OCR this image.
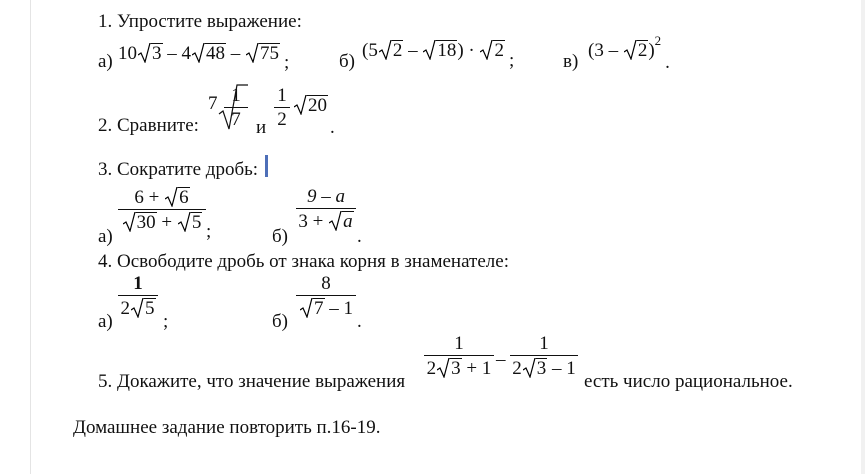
1. Упростите выражение:
а) 10 3 – 4 48 – 75 ;	б)
(5 2 – 18) · 2 ;	в)
(3 – 2)$^2$.
2. Сравните:
7 1
7 и
1
2
20
.
3. Сократите дробь:
а)
6 + 6
30 + 5 ;	б)
9 – a
3 + a
.
4. Освободите дробь от знака корня в знаменателе:
а)
1
2 5
;	б)
8
7 – 1
.
5. Докажите, что значение выражения
1
2 3 + 1 –
1
2 3 – 1
есть число рациональное.
Домашнее задание повторить п.16-19.
